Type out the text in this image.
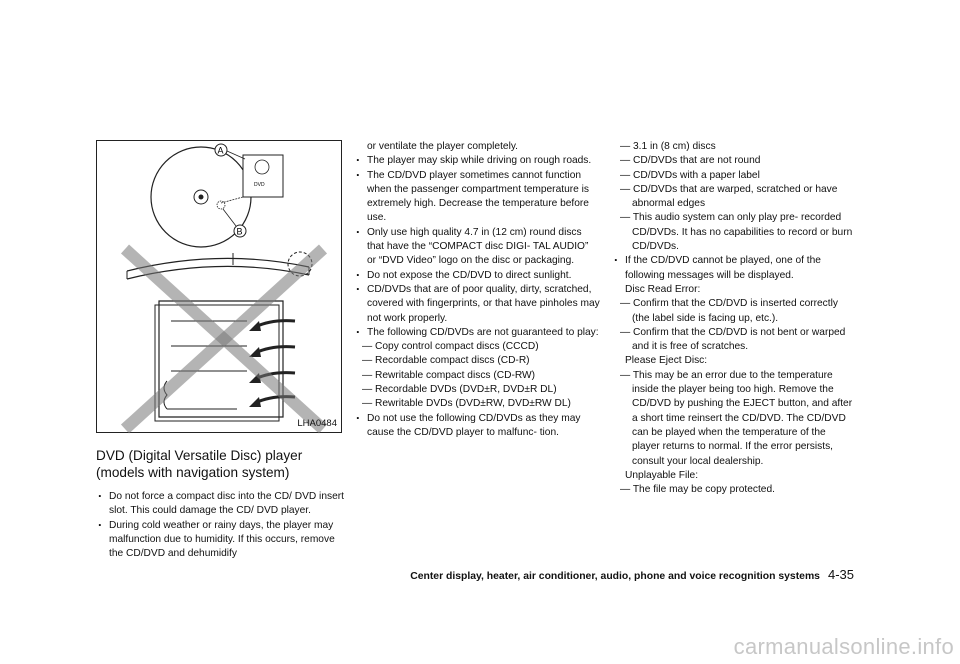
DVD
A
B
LHA0484
DVD (Digital Versatile Disc) player
(models with navigation system)
. Do not force a compact disc into the CD/ DVD insert slot. This could damage the CD/ DVD player.
. During cold weather or rainy days, the player may malfunction due to humidity. If this occurs, remove the CD/DVD and dehumidify
or ventilate the player completely.
. The player may skip while driving on rough roads.
. The CD/DVD player sometimes cannot function when the passenger compartment temperature is extremely high. Decrease the temperature before use.
. Only use high quality 4.7 in (12 cm) round discs that have the “COMPACT disc DIGI- TAL AUDIO” or “DVD Video” logo on the disc or packaging.
. Do not expose the CD/DVD to direct sunlight.
. CD/DVDs that are of poor quality, dirty, scratched, covered with fingerprints, or that have pinholes may not work properly.
. The following CD/DVDs are not guaranteed to play:
— Copy control compact discs (CCCD)
— Recordable compact discs (CD-R)
— Rewritable compact discs (CD-RW)
— Recordable DVDs (DVD±R, DVD±R DL)
— Rewritable DVDs (DVD±RW, DVD±RW DL)
. Do not use the following CD/DVDs as they may cause the CD/DVD player to malfunc- tion.
— 3.1 in (8 cm) discs
— CD/DVDs that are not round
— CD/DVDs with a paper label
— CD/DVDs that are warped, scratched or have abnormal edges
— This audio system can only play pre- recorded CD/DVDs. It has no capabilities to record or burn CD/DVDs.
. If the CD/DVD cannot be played, one of the following messages will be displayed.
Disc Read Error:
— Confirm that the CD/DVD is inserted correctly (the label side is facing up, etc.).
— Confirm that the CD/DVD is not bent or warped and it is free of scratches.
Please Eject Disc:
— This may be an error due to the temperature inside the player being too high. Remove the CD/DVD by pushing the EJECT button, and after a short time reinsert the CD/DVD. The CD/DVD can be played when the temperature of the player returns to normal. If the error persists, consult your local dealership.
Unplayable File:
— The file may be copy protected.
Center display, heater, air conditioner, audio, phone and voice recognition systems 4-35
carmanualsonline.info
